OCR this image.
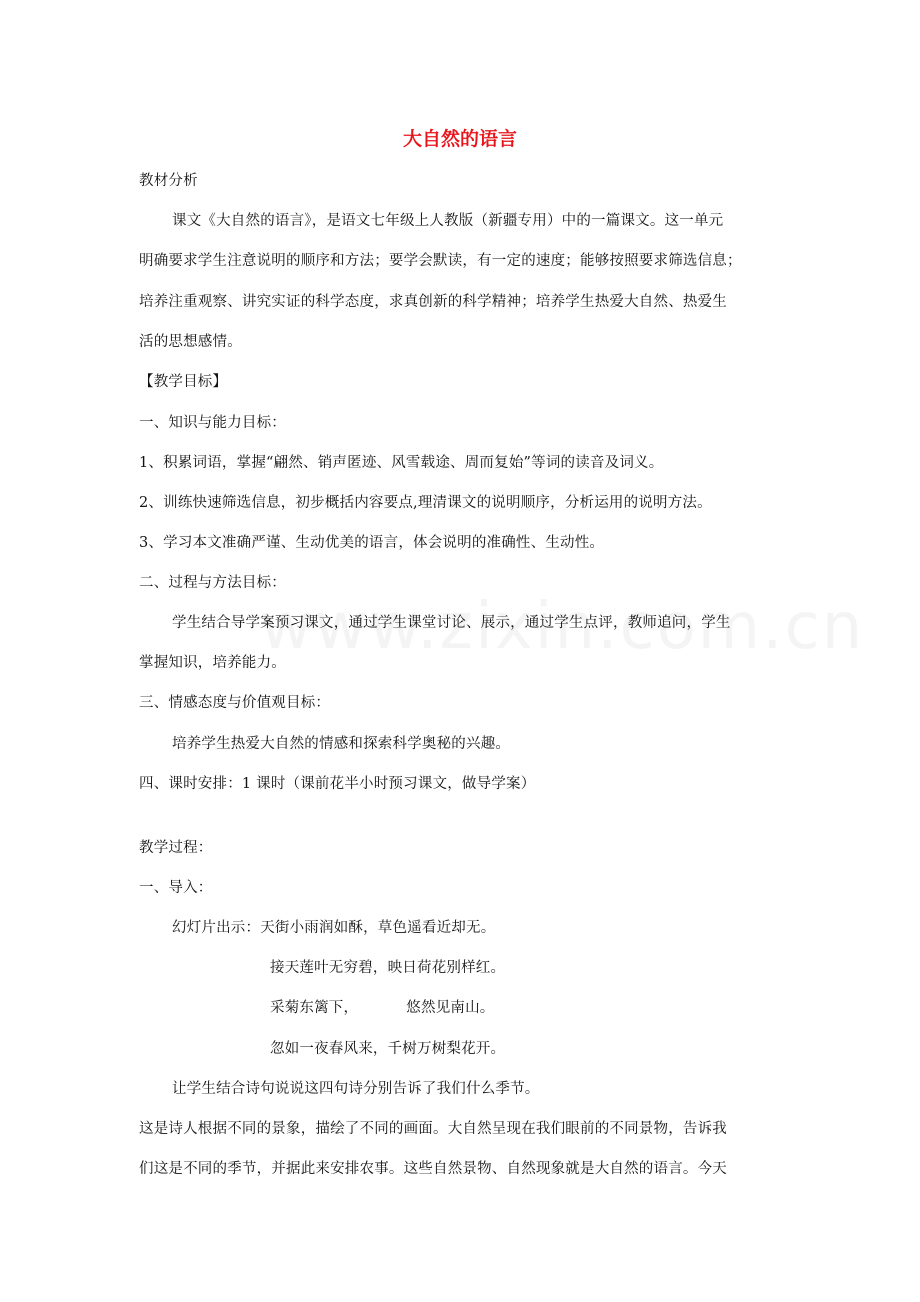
大自然的语言
教材分析
课文《大自然的语言》，是语文七年级上人教版（新疆专用）中的一篇课文。这一单元
明确要求学生注意说明的顺序和方法；要学会默读，有一定的速度；能够按照要求筛选信息；
培养注重观察、讲究实证的科学态度，求真创新的科学精神；培养学生热爱大自然、热爱生
活的思想感情。
【教学目标】
一、知识与能力目标：
1、积累词语，掌握“翩然、销声匿迹、风雪载途、周而复始”等词的读音及词义。
2、训练快速筛选信息，初步概括内容要点,理清课文的说明顺序，分析运用的说明方法。
3、学习本文准确严谨、生动优美的语言，体会说明的准确性、生动性。
二、过程与方法目标：
学生结合导学案预习课文，通过学生课堂讨论、展示，通过学生点评，教师追问，学生
掌握知识，培养能力。
三、情感态度与价值观目标：
培养学生热爱大自然的情感和探索科学奥秘的兴趣。
四、课时安排：1 课时（课前花半小时预习课文，做导学案）
教学过程：
一、导入：
幻灯片出示：天街小雨润如酥，草色遥看近却无。
接天莲叶无穷碧，映日荷花别样红。
采菊东篱下，          悠然见南山。
忽如一夜春风来，千树万树梨花开。
让学生结合诗句说说这四句诗分别告诉了我们什么季节。
这是诗人根据不同的景象，描绘了不同的画面。大自然呈现在我们眼前的不同景物，告诉我
们这是不同的季节，并据此来安排农事。这些自然景物、自然现象就是大自然的语言。今天
